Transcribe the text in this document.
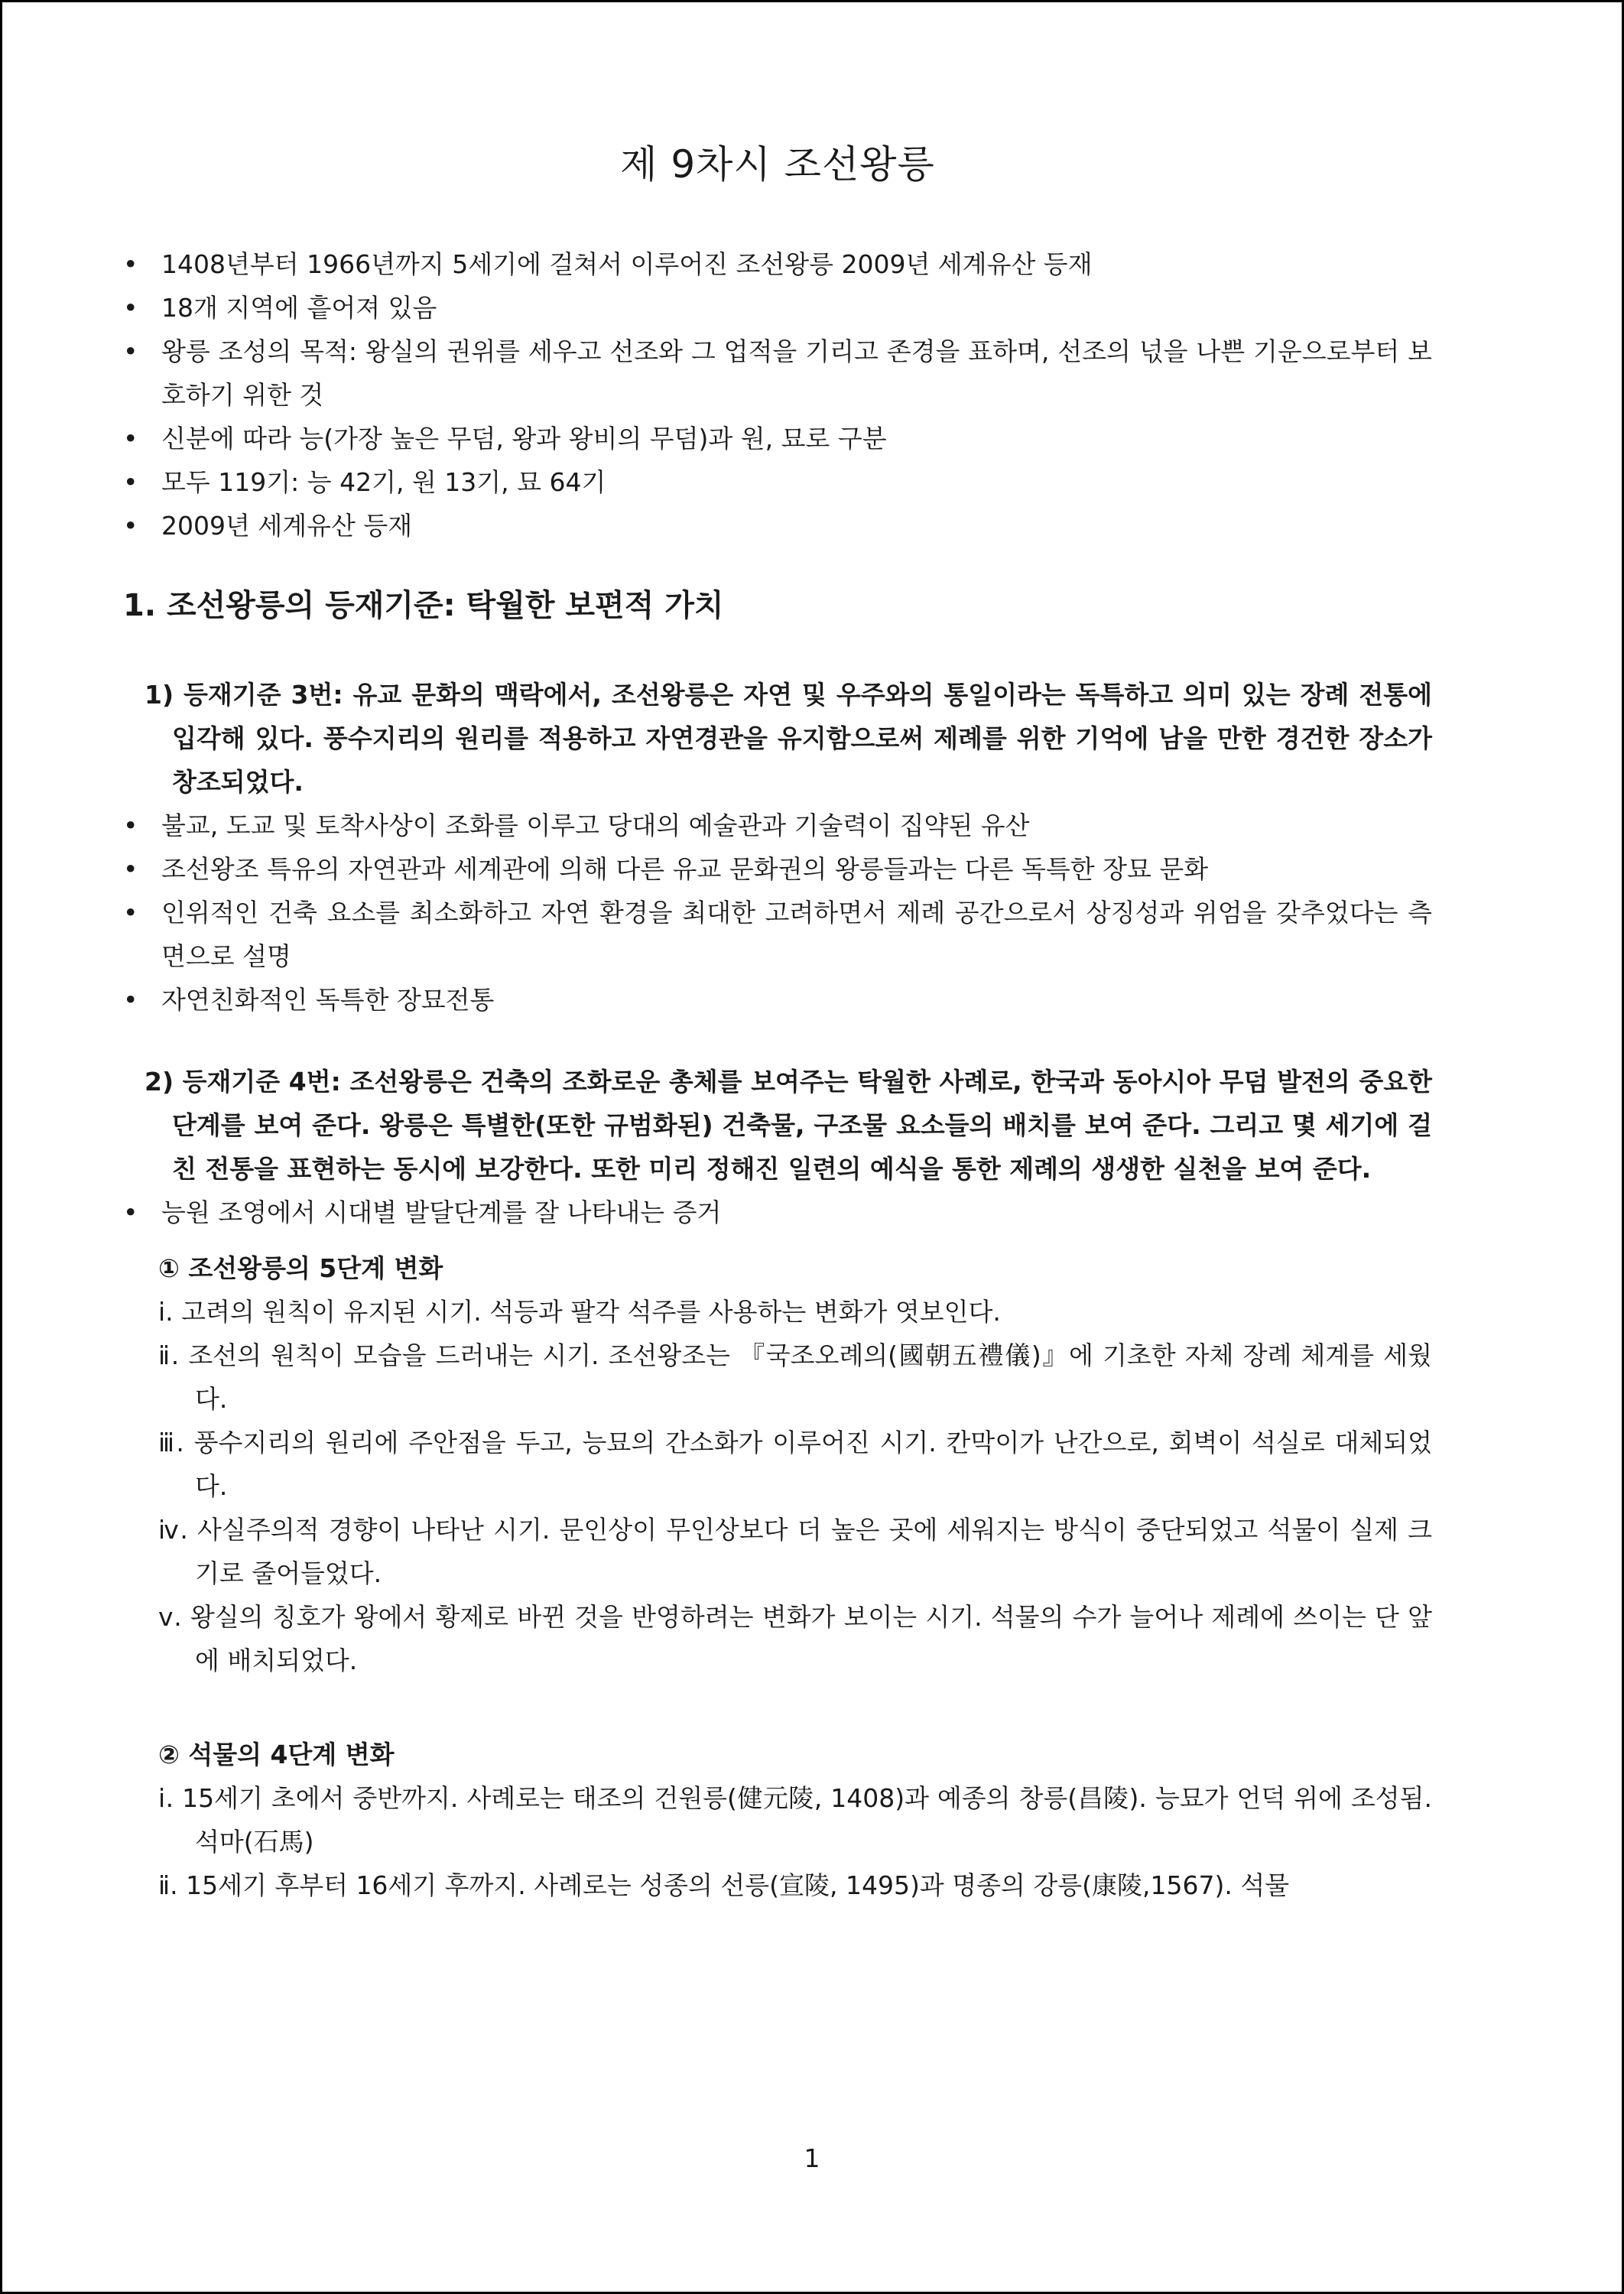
제 9차시 조선왕릉
• 1408년부터 1966년까지 5세기에 걸쳐서 이루어진 조선왕릉 2009년 세계유산 등재
• 18개 지역에 흩어져 있음
• 왕릉 조성의 목적: 왕실의 권위를 세우고 선조와 그 업적을 기리고 존경을 표하며, 선조의 넋을 나쁜 기운으로부터 보호하기 위한 것
• 신분에 따라 능(가장 높은 무덤, 왕과 왕비의 무덤)과 원, 묘로 구분
• 모두 119기: 능 42기, 원 13기, 묘 64기
• 2009년 세계유산 등재
1. 조선왕릉의 등재기준: 탁월한 보편적 가치

1) 등재기준 3번: 유교 문화의 맥락에서, 조선왕릉은 자연 및 우주와의 통일이라는 독특하고 의미 있는 장례 전통에 입각해 있다. 풍수지리의 원리를 적용하고 자연경관을 유지함으로써 제례를 위한 기억에 남을 만한 경건한 장소가 창조되었다.

• 불교, 도교 및 토착사상이 조화를 이루고 당대의 예술관과 기술력이 집약된 유산
• 조선왕조 특유의 자연관과 세계관에 의해 다른 유교 문화권의 왕릉들과는 다른 독특한 장묘 문화
• 인위적인 건축 요소를 최소화하고 자연 환경을 최대한 고려하면서 제례 공간으로서 상징성과 위엄을 갖추었다는 측면으로 설명
• 자연친화적인 독특한 장묘전통

2) 등재기준 4번: 조선왕릉은 건축의 조화로운 총체를 보여주는 탁월한 사례로, 한국과 동아시아 무덤 발전의 중요한 단계를 보여 준다. 왕릉은 특별한(또한 규범화된) 건축물, 구조물 요소들의 배치를 보여 준다. 그리고 몇 세기에 걸친 전통을 표현하는 동시에 보강한다. 또한 미리 정해진 일련의 예식을 통한 제례의 생생한 실천을 보여 준다.

• 능원 조영에서 시대별 발달단계를 잘 나타내는 증거
① 조선왕릉의 5단계 변화
ⅰ. 고려의 원칙이 유지된 시기. 석등과 팔각 석주를 사용하는 변화가 엿보인다.
ⅱ. 조선의 원칙이 모습을 드러내는 시기. 조선왕조는 『국조오례의(國朝五禮儀)』에 기초한 자체 장례 체계를 세웠다.
ⅲ. 풍수지리의 원리에 주안점을 두고, 능묘의 간소화가 이루어진 시기. 칸막이가 난간으로, 회벽이 석실로 대체되었다.
ⅳ. 사실주의적 경향이 나타난 시기. 문인상이 무인상보다 더 높은 곳에 세워지는 방식이 중단되었고 석물이 실제 크기로 줄어들었다.
ⅴ. 왕실의 칭호가 왕에서 황제로 바뀐 것을 반영하려는 변화가 보이는 시기. 석물의 수가 늘어나 제례에 쓰이는 단 앞에 배치되었다.
② 석물의 4단계 변화
ⅰ. 15세기 초에서 중반까지. 사례로는 태조의 건원릉(健元陵, 1408)과 예종의 창릉(昌陵). 능묘가 언덕 위에 조성됨. 석마(石馬)
ⅱ. 15세기 후부터 16세기 후까지. 사례로는 성종의 선릉(宣陵, 1495)과 명종의 강릉(康陵,1567). 석물
1
